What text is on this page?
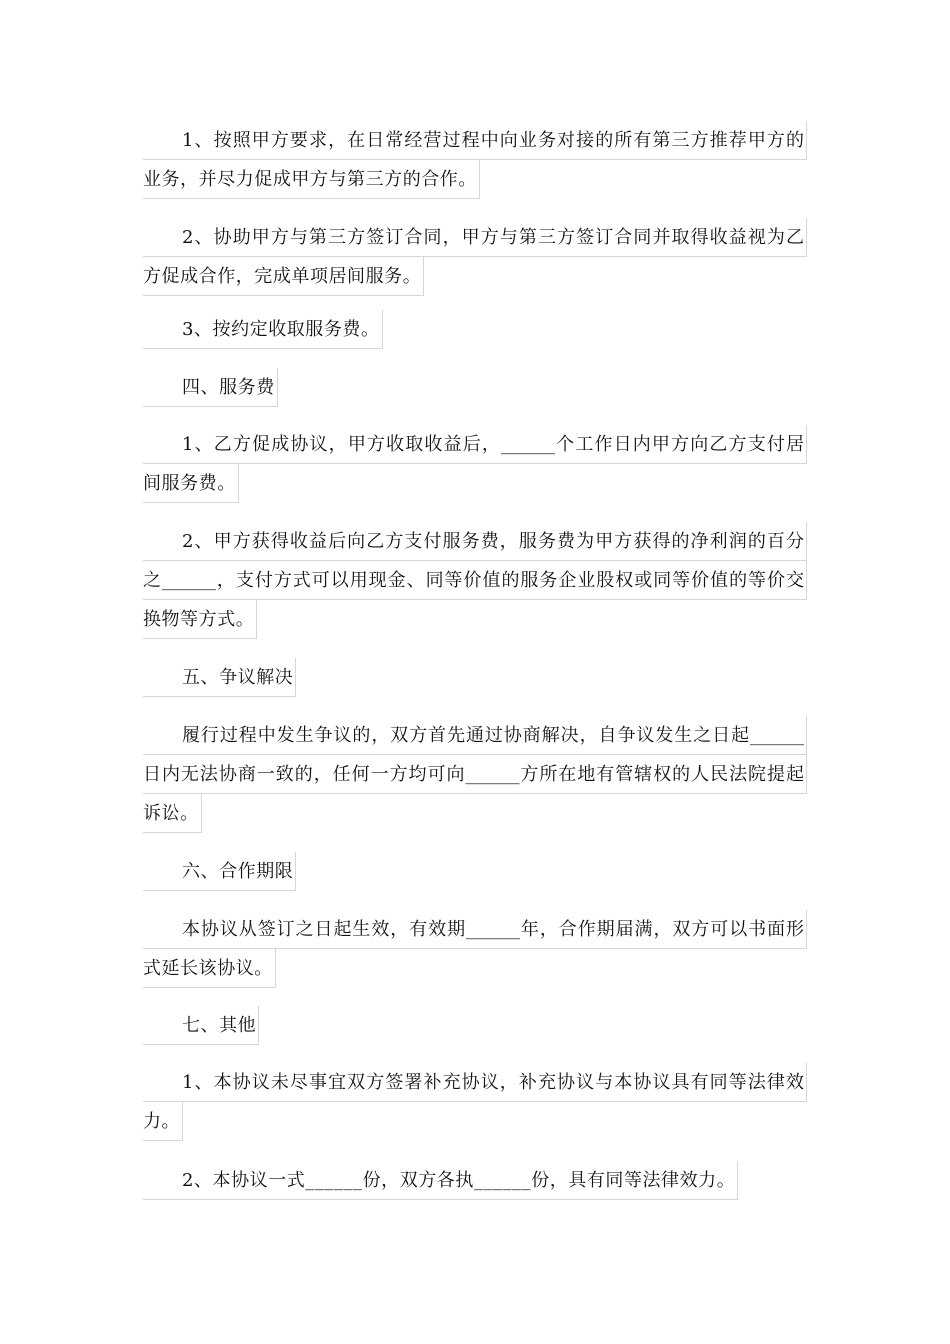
1、按照甲方要求，在日常经营过程中向业务对接的所有第三方推荐甲方的
业务，并尽力促成甲方与第三方的合作。
2、协助甲方与第三方签订合同，甲方与第三方签订合同并取得收益视为乙
方促成合作，完成单项居间服务。
3、按约定收取服务费。
四、服务费
1、乙方促成协议，甲方收取收益后，______个工作日内甲方向乙方支付居
间服务费。
2、甲方获得收益后向乙方支付服务费，服务费为甲方获得的净利润的百分
之______，支付方式可以用现金、同等价值的服务企业股权或同等价值的等价交
换物等方式。
五、争议解决
履行过程中发生争议的，双方首先通过协商解决，自争议发生之日起______
日内无法协商一致的，任何一方均可向______方所在地有管辖权的人民法院提起
诉讼。
六、合作期限
本协议从签订之日起生效，有效期______年，合作期届满，双方可以书面形
式延长该协议。
七、其他
1、本协议未尽事宜双方签署补充协议，补充协议与本协议具有同等法律效
力。
2、本协议一式______份，双方各执______份，具有同等法律效力。
